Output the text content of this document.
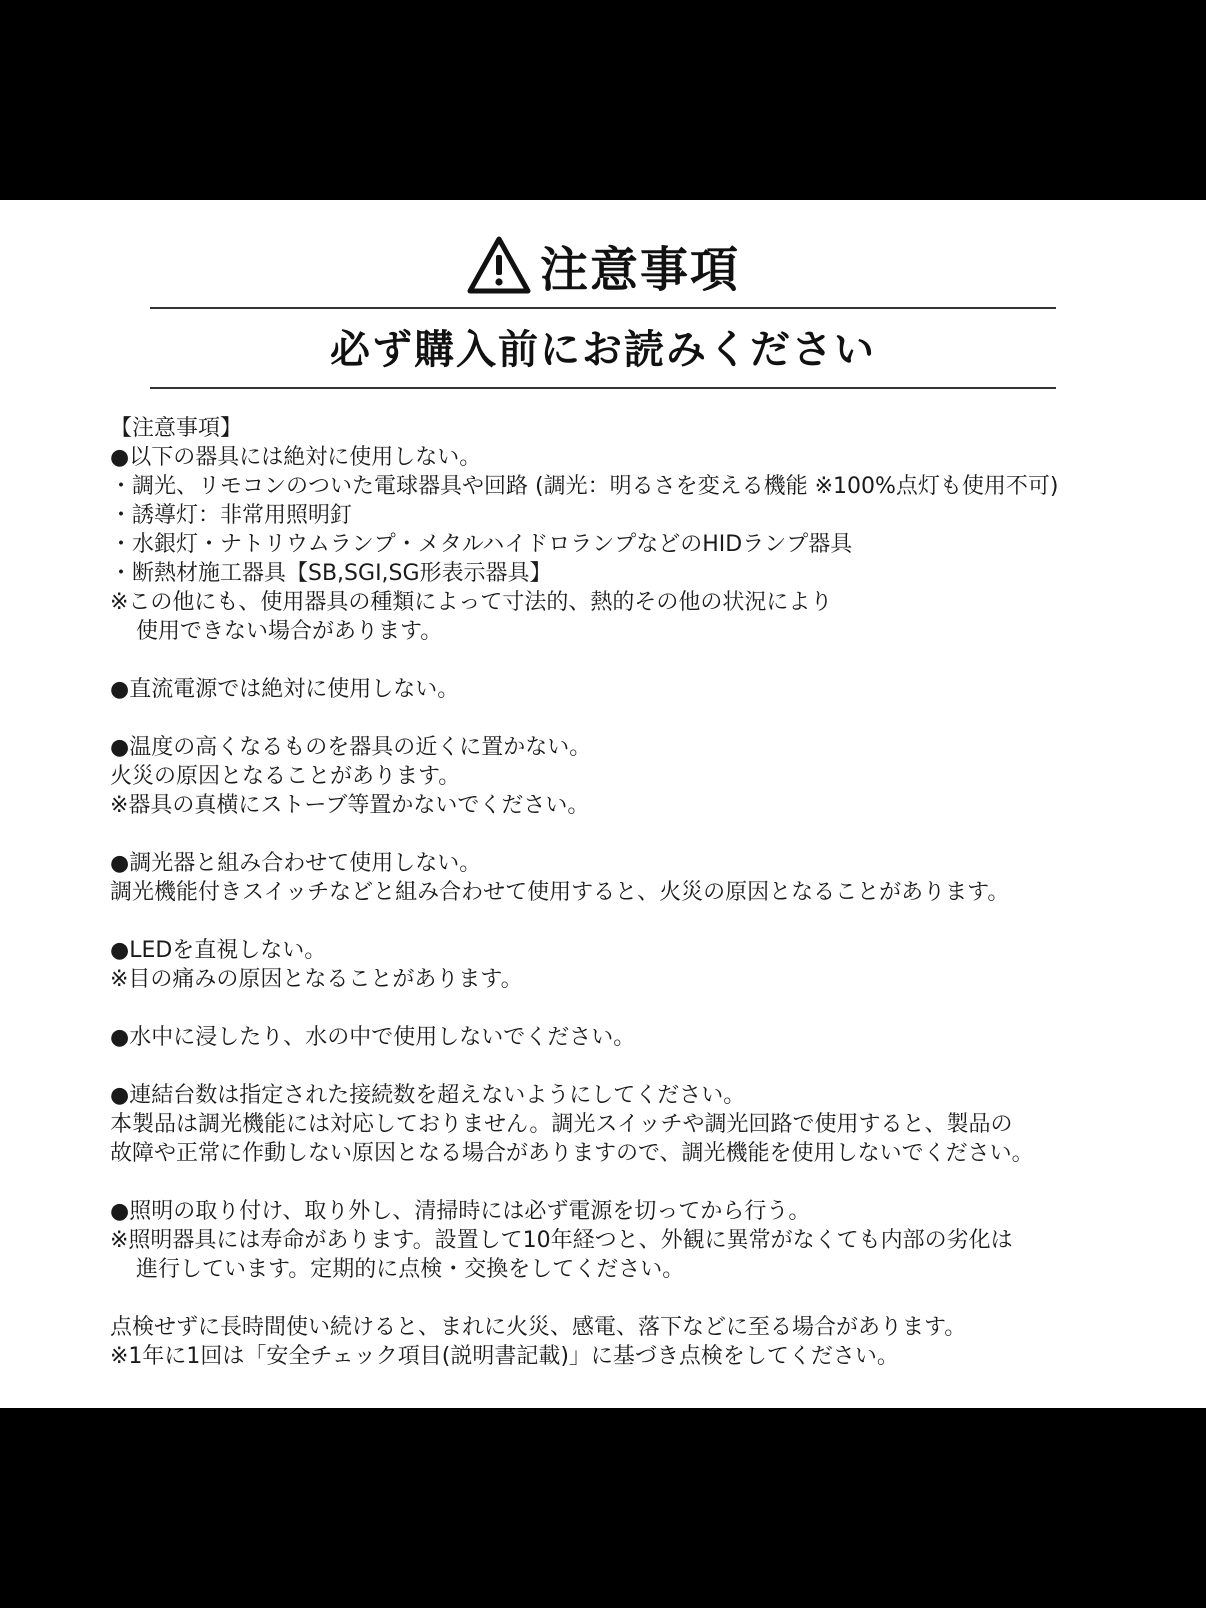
注意事項
必ず購入前にお読みください
【注意事項】
●以下の器具には絶対に使用しない。
・調光、リモコンのついた電球器具や回路 (調光：明るさを変える機能 ※100%点灯も使用不可)
・誘導灯：非常用照明釘
・水銀灯・ナトリウムランプ・メタルハイドロランプなどのHIDランプ器具
・断熱材施工器具【SB,SGI,SG形表示器具】
※この他にも、使用器具の種類によって寸法的、熱的その他の状況により
使用できない場合があります。
●直流電源では絶対に使用しない。
●温度の高くなるものを器具の近くに置かない。
火災の原因となることがあります。
※器具の真横にストーブ等置かないでください。
●調光器と組み合わせて使用しない。
調光機能付きスイッチなどと組み合わせて使用すると、火災の原因となることがあります。
●LEDを直視しない。
※目の痛みの原因となることがあります。
●水中に浸したり、水の中で使用しないでください。
●連結台数は指定された接続数を超えないようにしてください。
本製品は調光機能には対応しておりません。調光スイッチや調光回路で使用すると、製品の
故障や正常に作動しない原因となる場合がありますので、調光機能を使用しないでください。
●照明の取り付け、取り外し、清掃時には必ず電源を切ってから行う。
※照明器具には寿命があります。設置して10年経つと、外観に異常がなくても内部の劣化は
進行しています。定期的に点検・交換をしてください。
点検せずに長時間使い続けると、まれに火災、感電、落下などに至る場合があります。
※1年に1回は「安全チェック項目(説明書記載)」に基づき点検をしてください。
